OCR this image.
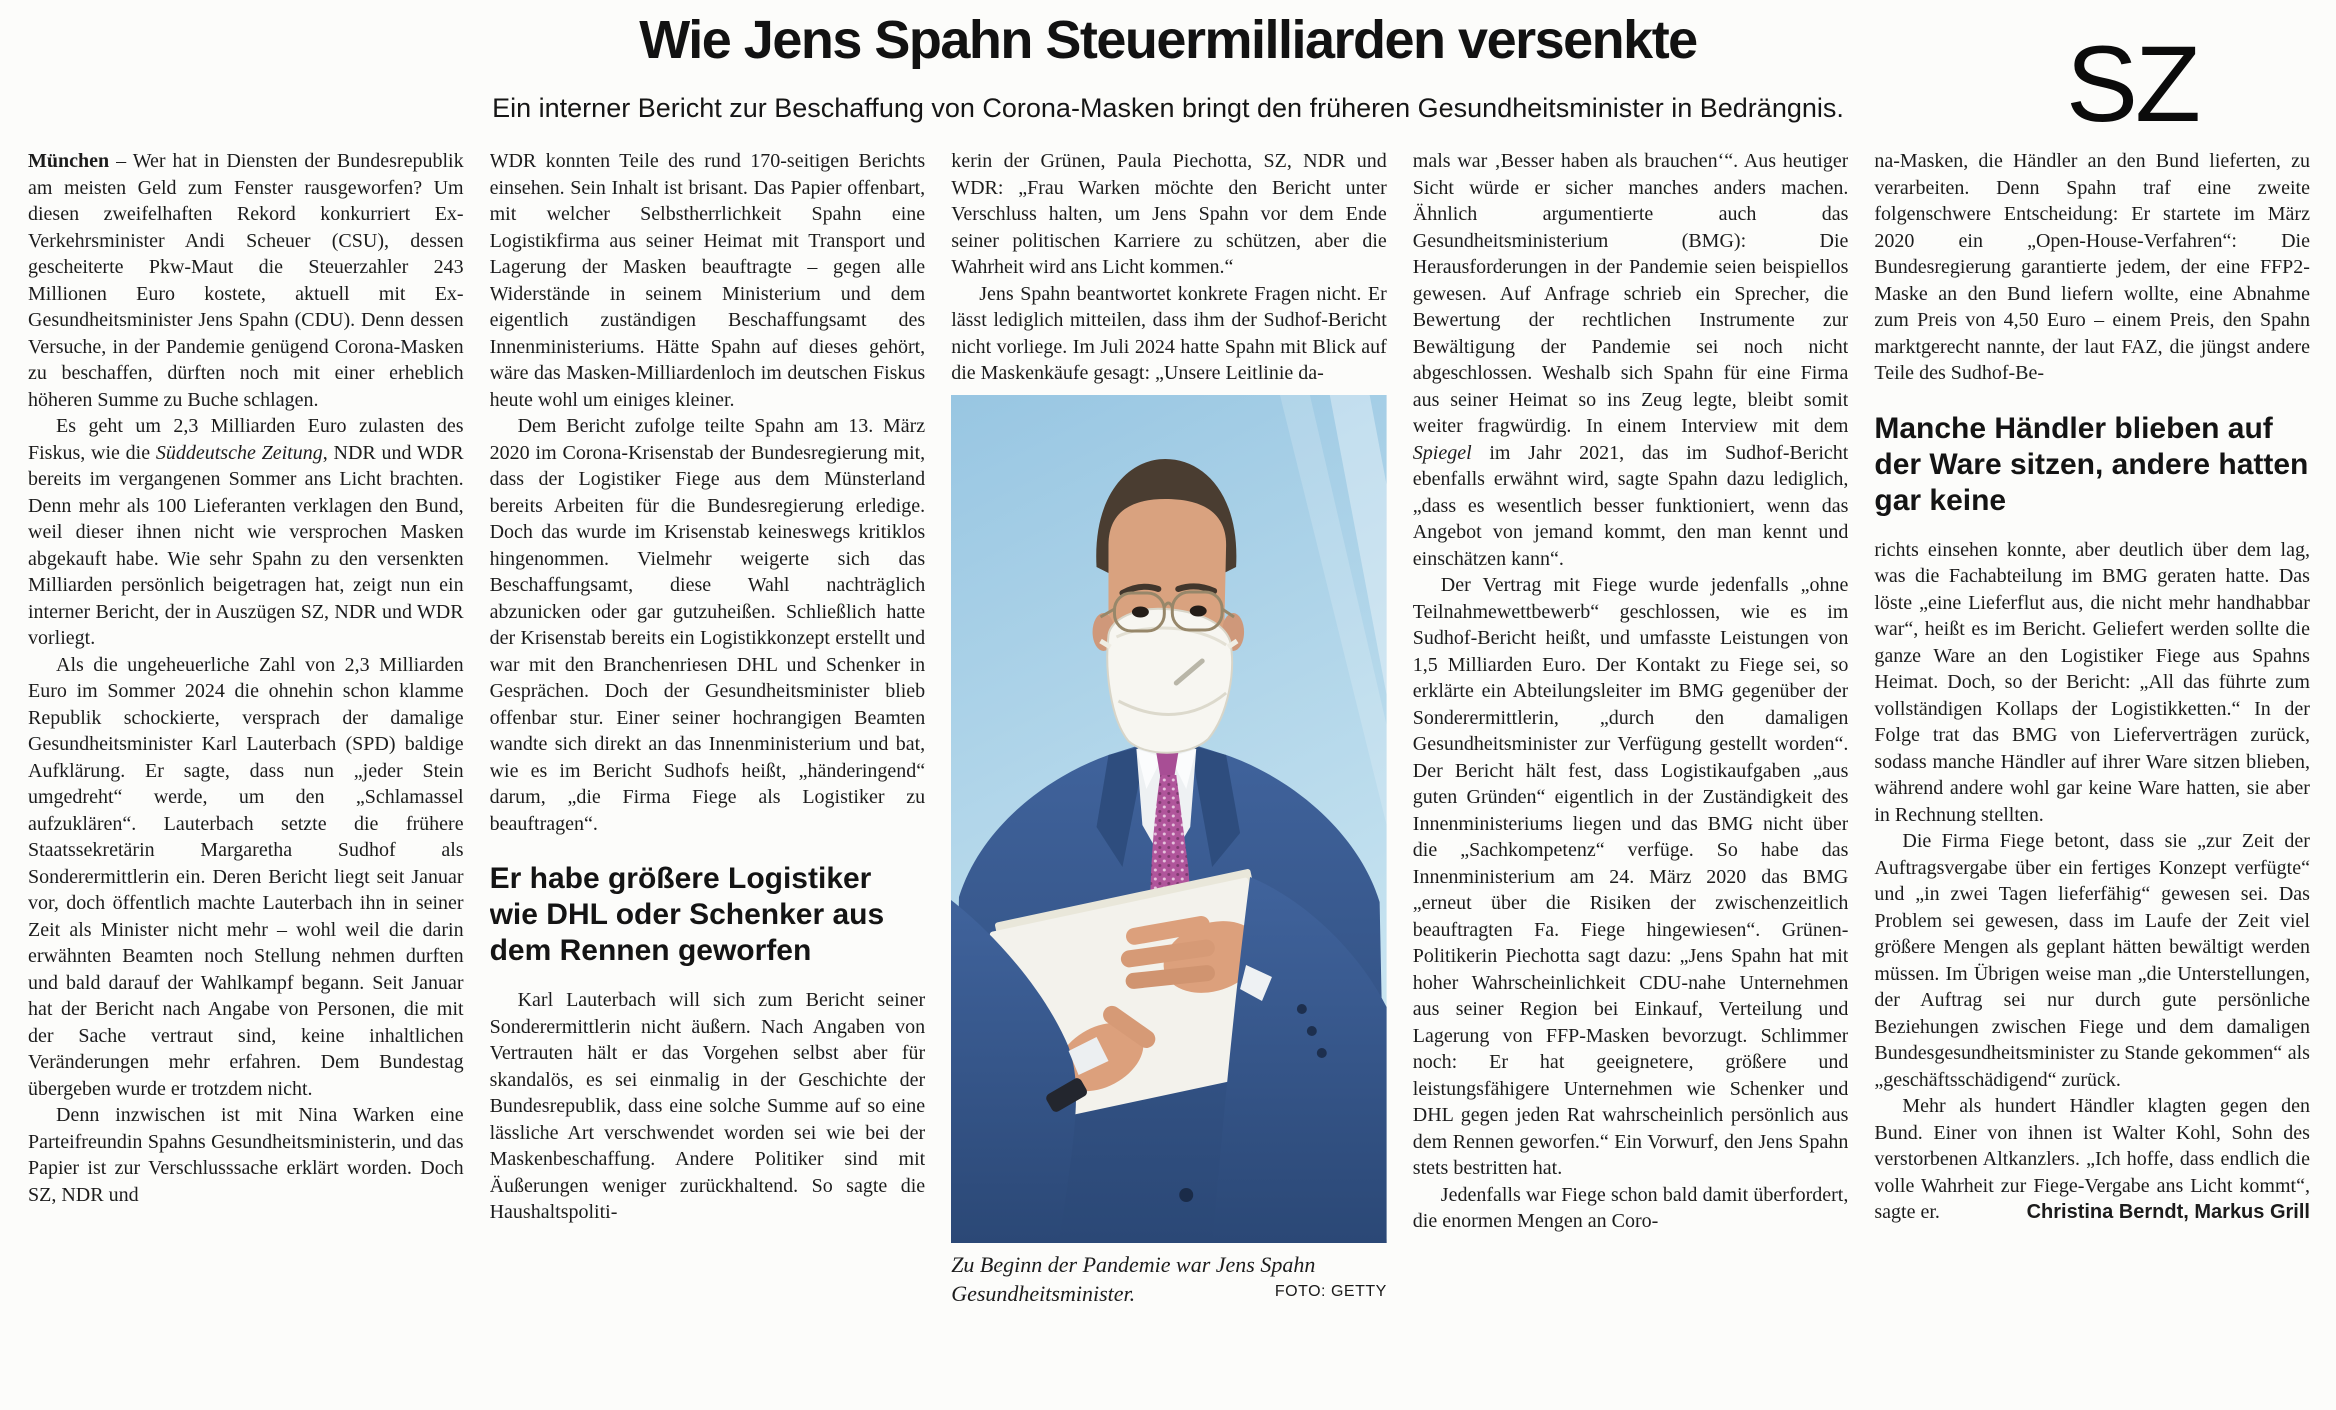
SZ
Wie Jens Spahn Steuermilliarden versenkte
Ein interner Bericht zur Beschaffung von Corona-Masken bringt den früheren Gesundheitsminister in Bedrängnis.

München – Wer hat in Diensten der Bundesrepublik am meisten Geld zum Fenster rausgeworfen? Um diesen zweifelhaften Rekord konkurriert Ex-Verkehrsminister Andi Scheuer (CSU), dessen gescheiterte Pkw-Maut die Steuerzahler 243 Millionen Euro kostete, aktuell mit Ex-Gesundheitsminister Jens Spahn (CDU). Denn dessen Versuche, in der Pandemie genügend Corona-Masken zu beschaffen, dürften noch mit einer erheblich höheren Summe zu Buche schlagen.

Es geht um 2,3 Milliarden Euro zulasten des Fiskus, wie die Süddeutsche Zeitung, NDR und WDR bereits im vergangenen Sommer ans Licht brachten. Denn mehr als 100 Lieferanten verklagen den Bund, weil dieser ihnen nicht wie versprochen Masken abgekauft habe. Wie sehr Spahn zu den versenkten Milliarden persönlich beigetragen hat, zeigt nun ein interner Bericht, der in Auszügen SZ, NDR und WDR vorliegt.

Als die ungeheuerliche Zahl von 2,3 Milliarden Euro im Sommer 2024 die ohnehin schon klamme Republik schockierte, versprach der damalige Gesundheitsminister Karl Lauterbach (SPD) baldige Aufklärung. Er sagte, dass nun „jeder Stein umgedreht“ werde, um den „Schlamassel aufzuklären“. Lauterbach setzte die frühere Staatssekretärin Margaretha Sudhof als Sonderermittlerin ein. Deren Bericht liegt seit Januar vor, doch öffentlich machte Lauterbach ihn in seiner Zeit als Minister nicht mehr – wohl weil die darin erwähnten Beamten noch Stellung nehmen durften und bald darauf der Wahlkampf begann. Seit Januar hat der Bericht nach Angabe von Personen, die mit der Sache vertraut sind, keine inhaltlichen Veränderungen mehr erfahren. Dem Bundestag übergeben wurde er trotzdem nicht.

Denn inzwischen ist mit Nina Warken eine Parteifreundin Spahns Gesundheitsministerin, und das Papier ist zur Verschlusssache erklärt worden. Doch SZ, NDR und

WDR konnten Teile des rund 170-seitigen Berichts einsehen. Sein Inhalt ist brisant. Das Papier offenbart, mit welcher Selbstherrlichkeit Spahn eine Logistikfirma aus seiner Heimat mit Transport und Lagerung der Masken beauftragte – gegen alle Widerstände in seinem Ministerium und dem eigentlich zuständigen Beschaffungsamt des Innenministeriums. Hätte Spahn auf dieses gehört, wäre das Masken-Milliardenloch im deutschen Fiskus heute wohl um einiges kleiner.

Dem Bericht zufolge teilte Spahn am 13. März 2020 im Corona-Krisenstab der Bundesregierung mit, dass der Logistiker Fiege aus dem Münsterland bereits Arbeiten für die Bundesregierung erledige. Doch das wurde im Krisenstab keineswegs kritiklos hingenommen. Vielmehr weigerte sich das Beschaffungsamt, diese Wahl nachträglich abzunicken oder gar gutzuheißen. Schließlich hatte der Krisenstab bereits ein Logistikkonzept erstellt und war mit den Branchenriesen DHL und Schenker in Gesprächen. Doch der Gesundheitsminister blieb offenbar stur. Einer seiner hochrangigen Beamten wandte sich direkt an das Innenministerium und bat, wie es im Bericht Sudhofs heißt, „händeringend“ darum, „die Firma Fiege als Logistiker zu beauftragen“.

Er habe größere Logistiker wie DHL oder Schenker aus dem Rennen geworfen

Karl Lauterbach will sich zum Bericht seiner Sonderermittlerin nicht äußern. Nach Angaben von Vertrauten hält er das Vorgehen selbst aber für skandalös, es sei einmalig in der Geschichte der Bundesrepublik, dass eine solche Summe auf so eine lässliche Art verschwendet worden sei wie bei der Maskenbeschaffung. Andere Politiker sind mit Äußerungen weniger zurückhaltend. So sagte die Haushaltspoliti-

kerin der Grünen, Paula Piechotta, SZ, NDR und WDR: „Frau Warken möchte den Bericht unter Verschluss halten, um Jens Spahn vor dem Ende seiner politischen Karriere zu schützen, aber die Wahrheit wird ans Licht kommen.“

Jens Spahn beantwortet konkrete Fragen nicht. Er lässt lediglich mitteilen, dass ihm der Sudhof-Bericht nicht vorliege. Im Juli 2024 hatte Spahn mit Blick auf die Maskenkäufe gesagt: „Unsere Leitlinie da-

Zu Beginn der Pandemie war Jens Spahn Gesundheitsminister.	FOTO: GETTY

mals war ‚Besser haben als brauchen‘“. Aus heutiger Sicht würde er sicher manches anders machen. Ähnlich argumentierte auch das Gesundheitsministerium (BMG): Die Herausforderungen in der Pandemie seien beispiellos gewesen. Auf Anfrage schrieb ein Sprecher, die Bewertung der rechtlichen Instrumente zur Bewältigung der Pandemie sei noch nicht abgeschlossen. Weshalb sich Spahn für eine Firma aus seiner Heimat so ins Zeug legte, bleibt somit weiter fragwürdig. In einem Interview mit dem Spiegel im Jahr 2021, das im Sudhof-Bericht ebenfalls erwähnt wird, sagte Spahn dazu lediglich, „dass es wesentlich besser funktioniert, wenn das Angebot von jemand kommt, den man kennt und einschätzen kann“.

Der Vertrag mit Fiege wurde jedenfalls „ohne Teilnahmewettbewerb“ geschlossen, wie es im Sudhof-Bericht heißt, und umfasste Leistungen von 1,5 Milliarden Euro. Der Kontakt zu Fiege sei, so erklärte ein Abteilungsleiter im BMG gegenüber der Sonderermittlerin, „durch den damaligen Gesundheitsminister zur Verfügung gestellt worden“. Der Bericht hält fest, dass Logistikaufgaben „aus guten Gründen“ eigentlich in der Zuständigkeit des Innenministeriums liegen und das BMG nicht über die „Sachkompetenz“ verfüge. So habe das Innenministerium am 24. März 2020 das BMG „erneut über die Risiken der zwischenzeitlich beauftragten Fa. Fiege hingewiesen“. Grünen-Politikerin Piechotta sagt dazu: „Jens Spahn hat mit hoher Wahrscheinlichkeit CDU-nahe Unternehmen aus seiner Region bei Einkauf, Verteilung und Lagerung von FFP-Masken bevorzugt. Schlimmer noch: Er hat geeignetere, größere und leistungsfähigere Unternehmen wie Schenker und DHL gegen jeden Rat wahrscheinlich persönlich aus dem Rennen geworfen.“ Ein Vorwurf, den Jens Spahn stets bestritten hat.

Jedenfalls war Fiege schon bald damit überfordert, die enormen Mengen an Coro-

na-Masken, die Händler an den Bund lieferten, zu verarbeiten. Denn Spahn traf eine zweite folgenschwere Entscheidung: Er startete im März 2020 ein „Open-House-Verfahren“: Die Bundesregierung garantierte jedem, der eine FFP2-Maske an den Bund liefern wollte, eine Abnahme zum Preis von 4,50 Euro – einem Preis, den Spahn marktgerecht nannte, der laut FAZ, die jüngst andere Teile des Sudhof-Be-

Manche Händler blieben auf der Ware sitzen, andere hatten gar keine

richts einsehen konnte, aber deutlich über dem lag, was die Fachabteilung im BMG geraten hatte. Das löste „eine Lieferflut aus, die nicht mehr handhabbar war“, heißt es im Bericht. Geliefert werden sollte die ganze Ware an den Logistiker Fiege aus Spahns Heimat. Doch, so der Bericht: „All das führte zum vollständigen Kollaps der Logistikketten.“ In der Folge trat das BMG von Lieferverträgen zurück, sodass manche Händler auf ihrer Ware sitzen blieben, während andere wohl gar keine Ware hatten, sie aber in Rechnung stellten.

Die Firma Fiege betont, dass sie „zur Zeit der Auftragsvergabe über ein fertiges Konzept verfügte“ und „in zwei Tagen lieferfähig“ gewesen sei. Das Problem sei gewesen, dass im Laufe der Zeit viel größere Mengen als geplant hätten bewältigt werden müssen. Im Übrigen weise man „die Unterstellungen, der Auftrag sei nur durch gute persönliche Beziehungen zwischen Fiege und dem damaligen Bundesgesundheitsminister zu Stande gekommen“ als „geschäftsschädigend“ zurück.

Mehr als hundert Händler klagten gegen den Bund. Einer von ihnen ist Walter Kohl, Sohn des verstorbenen Altkanzlers. „Ich hoffe, dass endlich die volle Wahrheit zur Fiege-Vergabe ans Licht kommt“, sagte er.	Christina Berndt, Markus Grill
